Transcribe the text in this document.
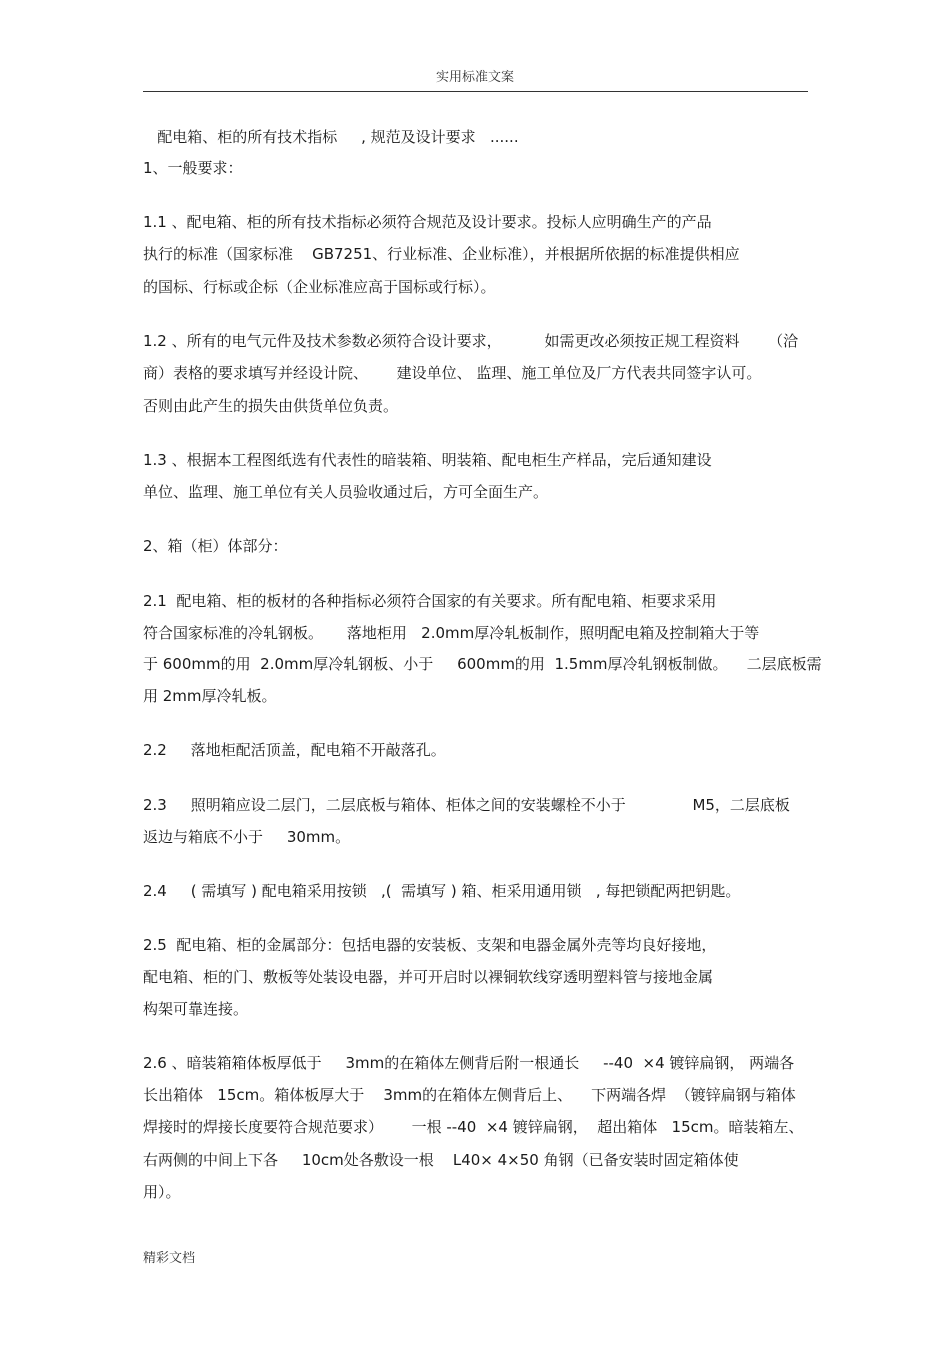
实用标准文案
配电箱、柜的所有技术指标     , 规范及设计要求   ......
1、一般要求：
1.1 、配电箱、柜的所有技术指标必须符合规范及设计要求。投标人应明确生产的产品
执行的标准（国家标准    GB7251、行业标准、企业标准），并根据所依据的标准提供相应
的国标、行标或企标（企业标准应高于国标或行标）。
1.2 、所有的电气元件及技术参数必须符合设计要求，         如需更改必须按正规工程资料      （洽
商）表格的要求填写并经设计院、      建设单位、 监理、施工单位及厂方代表共同签字认可。
否则由此产生的损失由供货单位负责。
1.3 、根据本工程图纸选有代表性的暗装箱、明装箱、配电柜生产样品，完后通知建设
单位、监理、施工单位有关人员验收通过后，方可全面生产。
2、箱（柜）体部分：
2.1  配电箱、柜的板材的各种指标必须符合国家的有关要求。所有配电箱、柜要求采用
符合国家标准的冷轧钢板。     落地柜用   2.0mm厚冷轧板制作，照明配电箱及控制箱大于等
于 600mm的用  2.0mm厚冷轧钢板、小于     600mm的用  1.5mm厚冷轧钢板制做。    二层底板需
用 2mm厚冷轧板。
2.2     落地柜配活顶盖，配电箱不开敲落孔。
2.3     照明箱应设二层门，二层底板与箱体、柜体之间的安装螺栓不小于              M5，二层底板
返边与箱底不小于     30mm。
2.4     ( 需填写 ) 配电箱采用按锁   ,(  需填写 ) 箱、柜采用通用锁   , 每把锁配两把钥匙。
2.5  配电箱、柜的金属部分：包括电器的安装板、支架和电器金属外壳等均良好接地，
配电箱、柜的门、敷板等处装设电器，并可开启时以裸铜软线穿透明塑料管与接地金属
构架可靠连接。
2.6 、暗装箱箱体板厚低于     3mm的在箱体左侧背后附一根通长     --40  ×4 镀锌扁钢， 两端各
长出箱体   15cm。箱体板厚大于    3mm的在箱体左侧背后上、    下两端各焊  （镀锌扁钢与箱体
焊接时的焊接长度要符合规范要求）      一根 --40  ×4 镀锌扁钢，  超出箱体   15cm。暗装箱左、
右两侧的中间上下各     10cm处各敷设一根    L40× 4×50 角钢（已备安装时固定箱体使
用）。
精彩文档
